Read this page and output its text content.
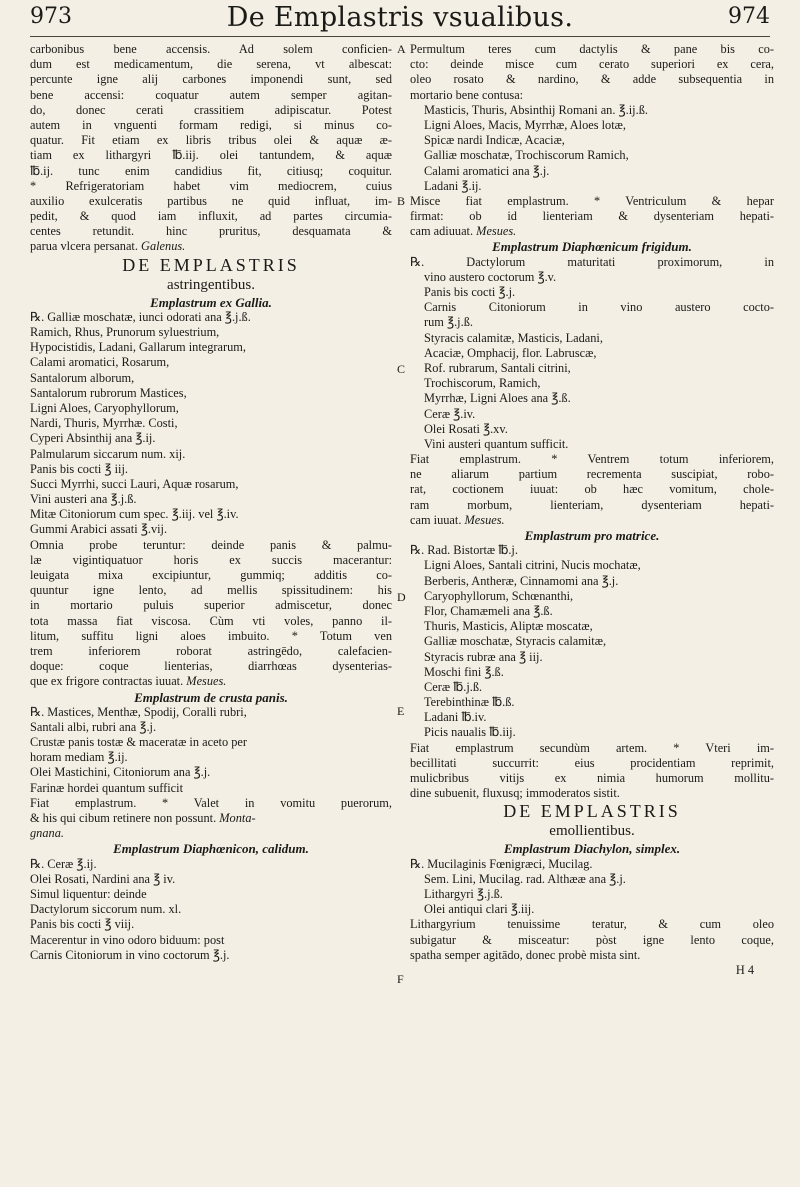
973	De Emplastris vsualibus.	974
carbonibus bene accensis. Ad solem conficien-
dum est medicamentum, die serena, vt albescat:
percunte igne alij carbones imponendi sunt, sed
bene accensi: coquatur autem semper agitan-
do, donec cerati crassitiem adipiscatur. Potest
autem in vnguenti formam redigi, si minus co-
quatur. Fit etiam ex libris tribus olei & aquæ æ-
tiam ex lithargyri ℔.iij. olei tantundem, & aquæ
℔.ij. tunc enim candidius fit, citiusq; coquitur.
* Refrigeratoriam habet vim mediocrem, cuius
auxilio exulceratis partibus ne quid influat, im-
pedit, & quod iam influxit, ad partes circumia-
centes retundit. hinc pruritus, desquamata &
parua vlcera persanat. Galenus.
DE EMPLASTRIS
astringentibus.
Emplastrum ex Gallia.
℞. Galliæ moschatæ, iunci odorati ana ℥.j.ß.
Ramich, Rhus, Prunorum syluestrium,
Hypocistidis, Ladani, Gallarum integrarum,
Calami aromatici, Rosarum,
Santalorum alborum,
Santalorum rubrorum Mastices,
Ligni Aloes, Caryophyllorum,
Nardi, Thuris, Myrrhæ. Costi,
Cyperi Absinthij ana ℥.ij.
Palmularum siccarum num. xij.
Panis bis cocti ℥ iij.
Succi Myrrhi, succi Lauri, Aquæ rosarum,
Vini austeri ana ℥.j.ß.
Mitæ Citoniorum cum spec. ℥.iij. vel ℥.iv.
Gummi Arabici assati ℥.vij.
Omnia probe teruntur: deinde panis & palmu-
læ vigintiquatuor horis ex succis macerantur:
leuigata mixa excipiuntur, gummiq; additis co-
quuntur igne lento, ad mellis spissitudinem: his
in mortario puluis superior admiscetur, donec
tota massa fiat viscosa. Cùm vti voles, panno il-
litum, suffitu ligni aloes imbuito. * Totum ven
trem inferiorem roborat astringēdo, calefacien-
doque: coque lienterias, diarrhœas dysenterias-
que ex frigore contractas iuuat. Mesues.
Emplastrum de crusta panis.
℞. Mastices, Menthæ, Spodij, Coralli rubri,
Santali albi, rubri ana ℥.j.
Crustæ panis tostæ & maceratæ in aceto per
horam mediam ℥.ij.
Olei Mastichini, Citoniorum ana ℥.j.
Farinæ hordei quantum sufficit
Fiat emplastrum. * Valet in vomitu puerorum,
& his qui cibum retinere non possunt. Monta-
gnana.
Emplastrum Diaphœnicon, calidum.
℞. Ceræ ℥.ij.
Olei Rosati, Nardini ana ℥ iv.
Simul liquentur: deinde
Dactylorum siccorum num. xl.
Panis bis cocti ℥ viij.
Macerentur in vino odoro biduum: post
Carnis Citoniorum in vino coctorum ℥.j.
Permultum teres cum dactylis & pane bis co-
cto: deinde misce cum cerato superiori ex cera,
oleo rosato & nardino, & adde subsequentia in
mortario bene contusa:
Masticis, Thuris, Absinthij Romani an. ℥.ij.ß.
Ligni Aloes, Macis, Myrrhæ, Aloes lotæ,
Spicæ nardi Indicæ, Acaciæ,
Galliæ moschatæ, Trochiscorum Ramich,
Calami aromatici ana ℥.j.
Ladani ℥.ij.
Misce fiat emplastrum. * Ventriculum & hepar
firmat: ob id lienteriam & dysenteriam hepati-
cam adiuuat. Mesues.
Emplastrum Diaphœnicum frigidum.
℞. Dactylorum maturitati proximorum, in
vino austero coctorum ℥.v.
Panis bis cocti ℥.j.
Carnis Citoniorum in vino austero cocto-
rum ℥.j.ß.
Styracis calamitæ, Masticis, Ladani,
Acaciæ, Omphacij, flor. Labruscæ,
Rof. rubrarum, Santali citrini,
Trochiscorum, Ramich,
Myrrhæ, Ligni Aloes ana ℥.ß.
Ceræ ℥.iv.
Olei Rosati ℥.xv.
Vini austeri quantum sufficit.
Fiat emplastrum. * Ventrem totum inferiorem,
ne aliarum partium recrementa suscipiat, robo-
rat, coctionem iuuat: ob hæc vomitum, chole-
ram morbum, lienteriam, dysenteriam hepati-
cam iuuat. Mesues.
Emplastrum pro matrice.
℞. Rad. Bistortæ ℔.j.
Ligni Aloes, Santali citrini, Nucis mochatæ,
Berberis, Antheræ, Cinnamomi ana ℥.j.
Caryophyllorum, Schœnanthi,
Flor, Chamæmeli ana ℥.ß.
Thuris, Masticis, Aliptæ moscatæ,
Galliæ moschatæ, Styracis calamitæ,
Styracis rubræ ana ℥ iij.
Moschi fini ℥.ß.
Ceræ ℔.j.ß.
Terebinthinæ ℔.ß.
Ladani ℔.iv.
Picis naualis ℔.iij.
Fiat emplastrum secundùm artem. * Vteri im-
becillitati succurrit: eius procidentiam reprimit,
mulicbribus vitijs ex nimia humorum mollitu-
dine subuenit, fluxusq; immoderatos sistit.
DE EMPLASTRIS
emollientibus.
Emplastrum Diachylon, simplex.
℞. Mucilaginis Fœnigræci, Mucilag.
Sem. Lini, Mucilag. rad. Althææ ana ℥.j.
Lithargyri ℥.j.ß.
Olei antiqui clari ℥.iij.
Lithargyrium tenuissime teratur, & cum oleo
subigatur & misceatur: pòst igne lento coque,
spatha semper agitādo, donec probè mista sint.
H 4
A
B
C
D
E
F
